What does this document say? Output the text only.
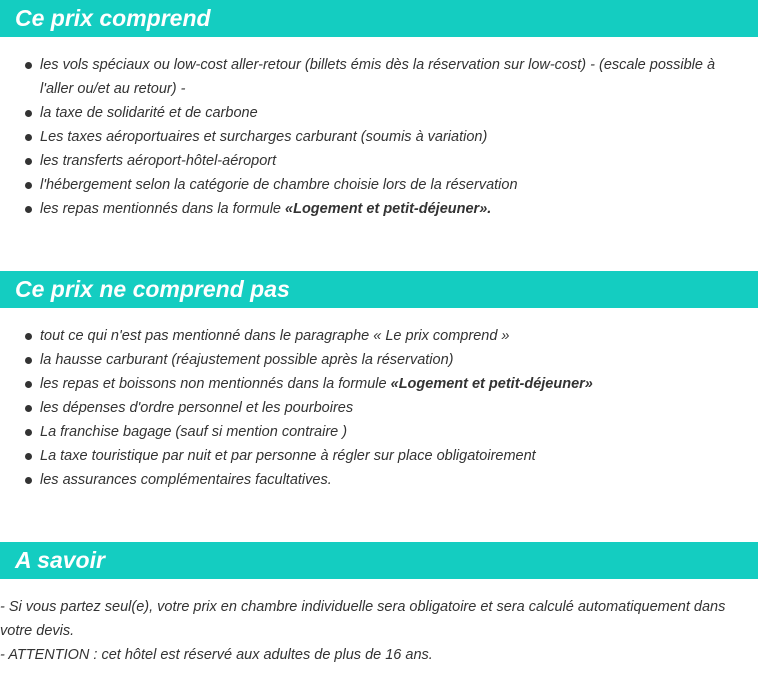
Ce prix comprend
les vols spéciaux ou low-cost aller-retour (billets émis dès la réservation sur low-cost) - (escale possible à l'aller ou/et au retour) -
la taxe de solidarité et de carbone
Les taxes aéroportuaires et surcharges carburant (soumis à variation)
les transferts aéroport-hôtel-aéroport
l'hébergement selon la catégorie de chambre choisie lors de la réservation
les repas mentionnés dans la formule «Logement et petit-déjeuner».
Ce prix ne comprend pas
tout ce qui n'est pas mentionné dans le paragraphe « Le prix comprend »
la hausse carburant (réajustement possible après la réservation)
les repas et boissons non mentionnés dans la formule «Logement et petit-déjeuner»
les dépenses d'ordre personnel et les pourboires
La franchise bagage (sauf si mention contraire )
La taxe touristique par nuit et par personne à régler sur place obligatoirement
les assurances complémentaires facultatives.
A savoir

- Si vous partez seul(e), votre prix en chambre individuelle sera obligatoire et sera calculé automatiquement dans votre devis.

- ATTENTION : cet hôtel est réservé aux adultes de plus de 16 ans.
